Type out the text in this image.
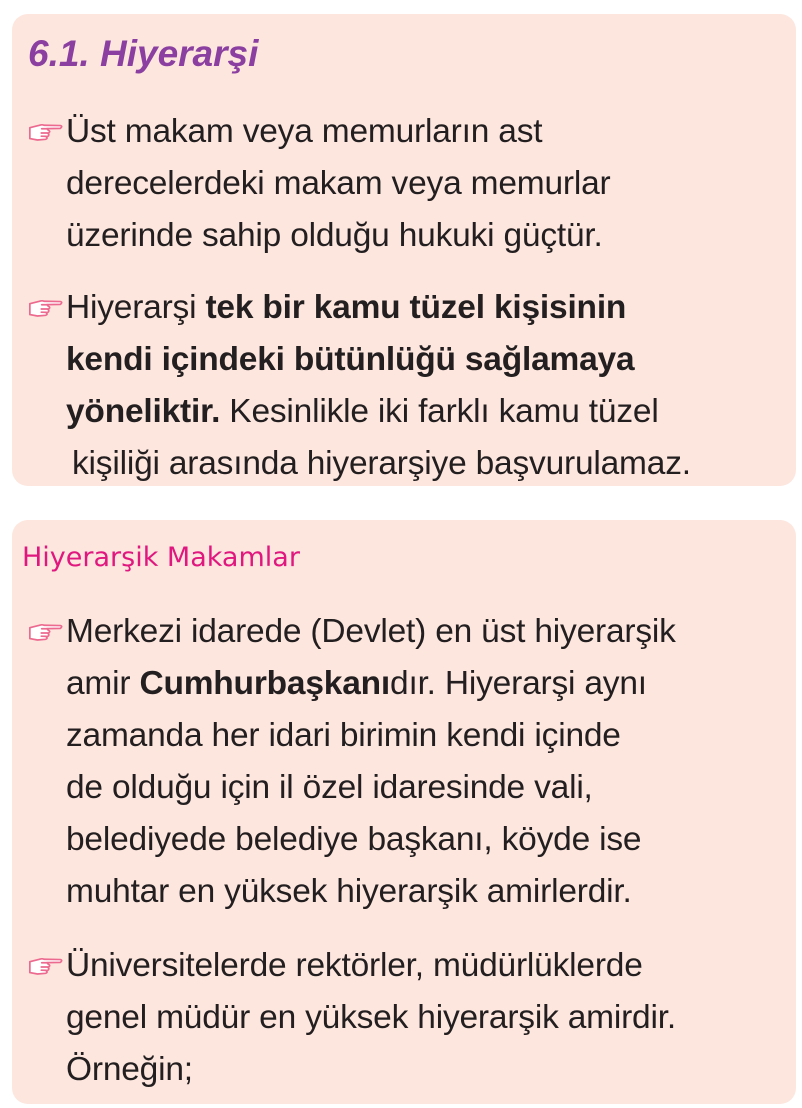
6.1. Hiyerarşi
Üst makam veya memurların ast
derecelerdeki makam veya memurlar
üzerinde sahip olduğu hukuki güçtür.
Hiyerarşi tek bir kamu tüzel kişisinin
kendi içindeki bütünlüğü sağlamaya
yöneliktir. Kesinlikle iki farklı kamu tüzel
kişiliği arasında hiyerarşiye başvurulamaz.
Hiyerarşik Makamlar
Merkezi idarede (Devlet) en üst hiyerarşik
amir Cumhurbaşkanıdır. Hiyerarşi aynı
zamanda her idari birimin kendi içinde
de olduğu için il özel idaresinde vali,
belediyede belediye başkanı, köyde ise
muhtar en yüksek hiyerarşik amirlerdir.
Üniversitelerde rektörler, müdürlüklerde
genel müdür en yüksek hiyerarşik amirdir.
Örneğin;
